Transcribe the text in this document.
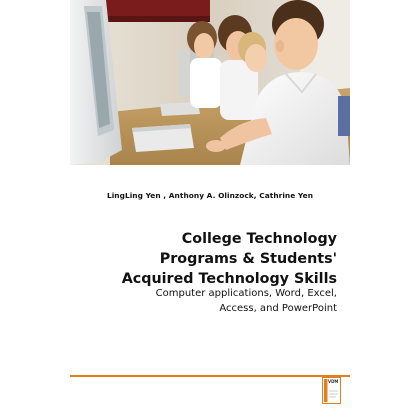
LingLing Yen , Anthony A. Olinzock, Cathrine Yen
College Technology
Programs & Students'
Acquired Technology Skills
Computer applications, Word, Excel,
Access, and PowerPoint
VDM
